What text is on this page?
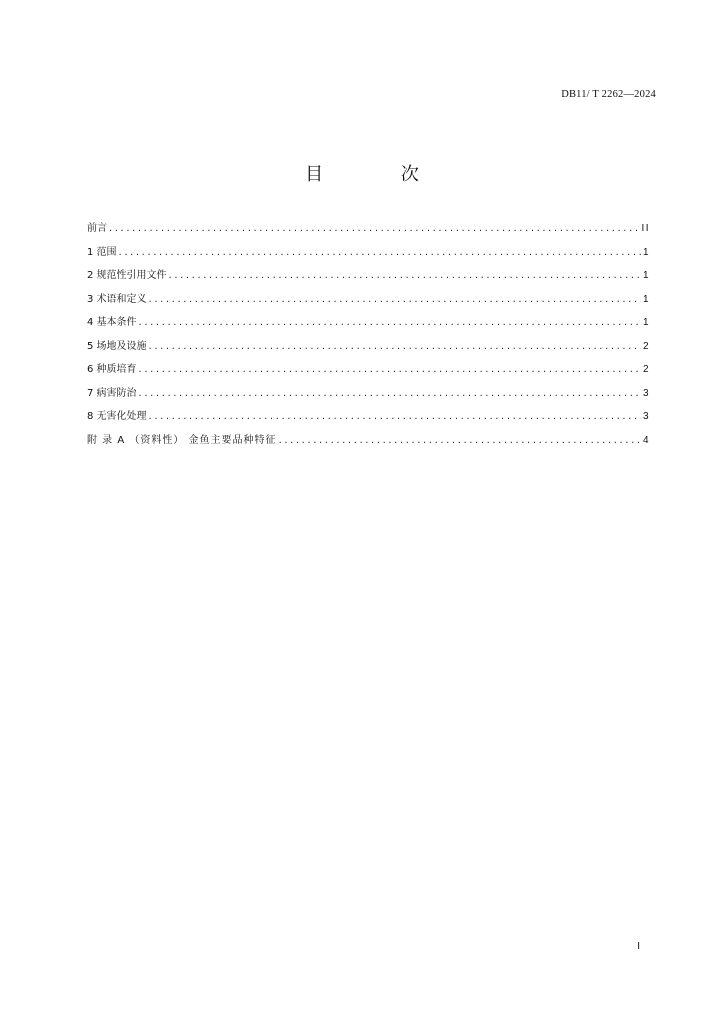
DB11/ T 2262—2024
目 次
前言 .....	II
1 范围 .....	1
2 规范性引用文件 .....	1
3 术语和定义 .....	1
4 基本条件 .....	1
5 场地及设施 .....	2
6 种质培育 .....	2
7 病害防治 .....	3
8 无害化处理 .....	3
附 录 A （资料性） 金鱼主要品种特征 .....	4
I
